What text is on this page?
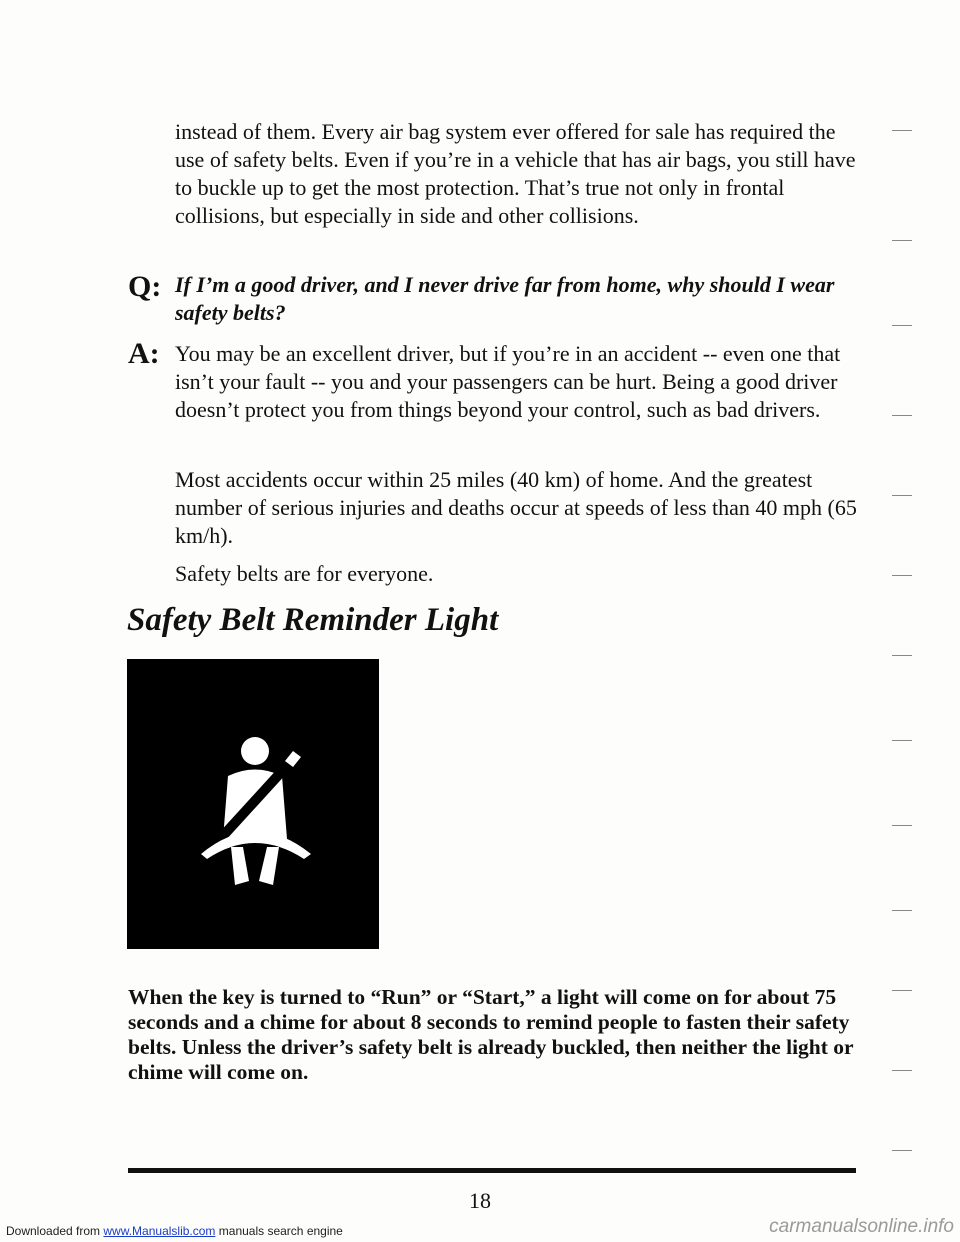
instead of them. Every air bag system ever offered for sale has required the use of safety belts. Even if you’re in a vehicle that has air bags, you still have to buckle up to get the most protection. That’s true not only in frontal collisions, but especially in side and other collisions.

Q: If I’m a good driver, and I never drive far from home, why should I wear safety belts?

A: You may be an excellent driver, but if you’re in an accident -- even one that isn’t your fault -- you and your passengers can be hurt. Being a good driver doesn’t protect you from things beyond your control, such as bad drivers.

Most accidents occur within 25 miles (40 km) of home. And the greatest number of serious injuries and deaths occur at speeds of less than 40 mph (65 km/h).

Safety belts are for everyone.

Safety Belt Reminder Light

When the key is turned to “Run” or “Start,” a light will come on for about 75 seconds and a chime for about 8 seconds to remind people to fasten their safety belts. Unless the driver’s safety belt is already buckled, then neither the light or chime will come on.

18
Downloaded from www.Manualslib.com manuals search engine	carmanualsonline.info
